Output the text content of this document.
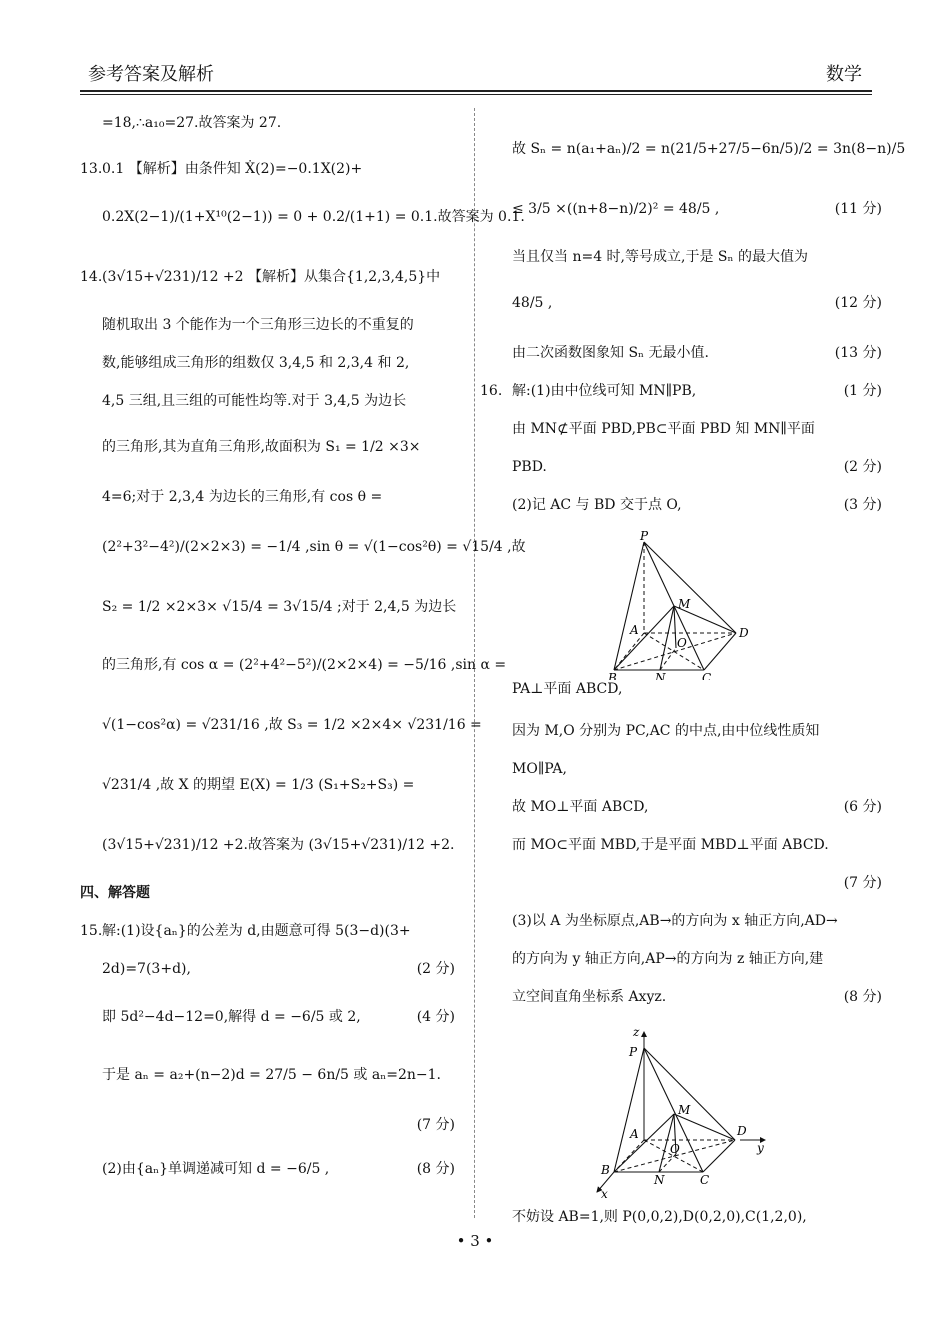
参考答案及解析	数学
=18,∴a₁₀=27.故答案为 27.
13. 0.1 【解析】由条件知 Ẋ(2)=−0.1X(2)+
0.2X(2−1)/(1+X¹⁰(2−1)) = 0 + 0.2/(1+1) = 0.1.故答案为 0.1.
14. (3√15+√231)/12 +2 【解析】从集合{1,2,3,4,5}中
随机取出 3 个能作为一个三角形三边长的不重复的
数,能够组成三角形的组数仅 3,4,5 和 2,3,4 和 2,
4,5 三组,且三组的可能性均等.对于 3,4,5 为边长
的三角形,其为直角三角形,故面积为 S₁ = 1/2 ×3×
4=6;对于 2,3,4 为边长的三角形,有 cos θ =
(2²+3²−4²)/(2×2×3) = −1/4 ,sin θ = √(1−cos²θ) = √15/4 ,故
S₂ = 1/2 ×2×3× √15/4 = 3√15/4 ;对于 2,4,5 为边长
的三角形,有 cos α = (2²+4²−5²)/(2×2×4) = −5/16 ,sin α =
√(1−cos²α) = √231/16 ,故 S₃ = 1/2 ×2×4× √231/16 =
√231/4 ,故 X 的期望 E(X) = 1/3 (S₁+S₂+S₃) =
(3√15+√231)/12 +2.故答案为 (3√15+√231)/12 +2.
四、解答题
15. 解:(1)设{aₙ}的公差为 d,由题意可得 5(3−d)(3+
2d)=7(3+d),	(2 分)
即 5d²−4d−12=0,解得 d = −6/5 或 2,	(4 分)
于是 aₙ = a₂+(n−2)d = 27/5 − 6n/5 或 aₙ=2n−1.
(7 分)
(2)由{aₙ}单调递减可知 d = −6/5 ,	(8 分)
故 Sₙ = n(a₁+aₙ)/2 = n(21/5+27/5−6n/5)/2 = 3n(8−n)/5
≤ 3/5 ×((n+8−n)/2)² = 48/5 ,	(11 分)
当且仅当 n=4 时,等号成立,于是 Sₙ 的最大值为
48/5 ,	(12 分)
由二次函数图象知 Sₙ 无最小值.	(13 分)
16. 解:(1)由中位线可知 MN∥PB,	(1 分)
由 MN⊄平面 PBD,PB⊂平面 PBD 知 MN∥平面
PBD.	(2 分)
(2)记 AC 与 BD 交于点 O,	(3 分)
PA⊥平面 ABCD,
因为 M,O 分别为 PC,AC 的中点,由中位线性质知
MO∥PA,
故 MO⊥平面 ABCD,	(6 分)
而 MO⊂平面 MBD,于是平面 MBD⊥平面 ABCD.
(7 分)
(3)以 A 为坐标原点,AB→的方向为 x 轴正方向,AD→
的方向为 y 轴正方向,AP→的方向为 z 轴正方向,建
立空间直角坐标系 Axyz.	(8 分)
不妨设 AB=1,则 P(0,0,2),D(0,2,0),C(1,2,0),
P
M
A
O
D
B	N	C
z
P
M
A
O
D
y
B
N	C
x
• 3 •
